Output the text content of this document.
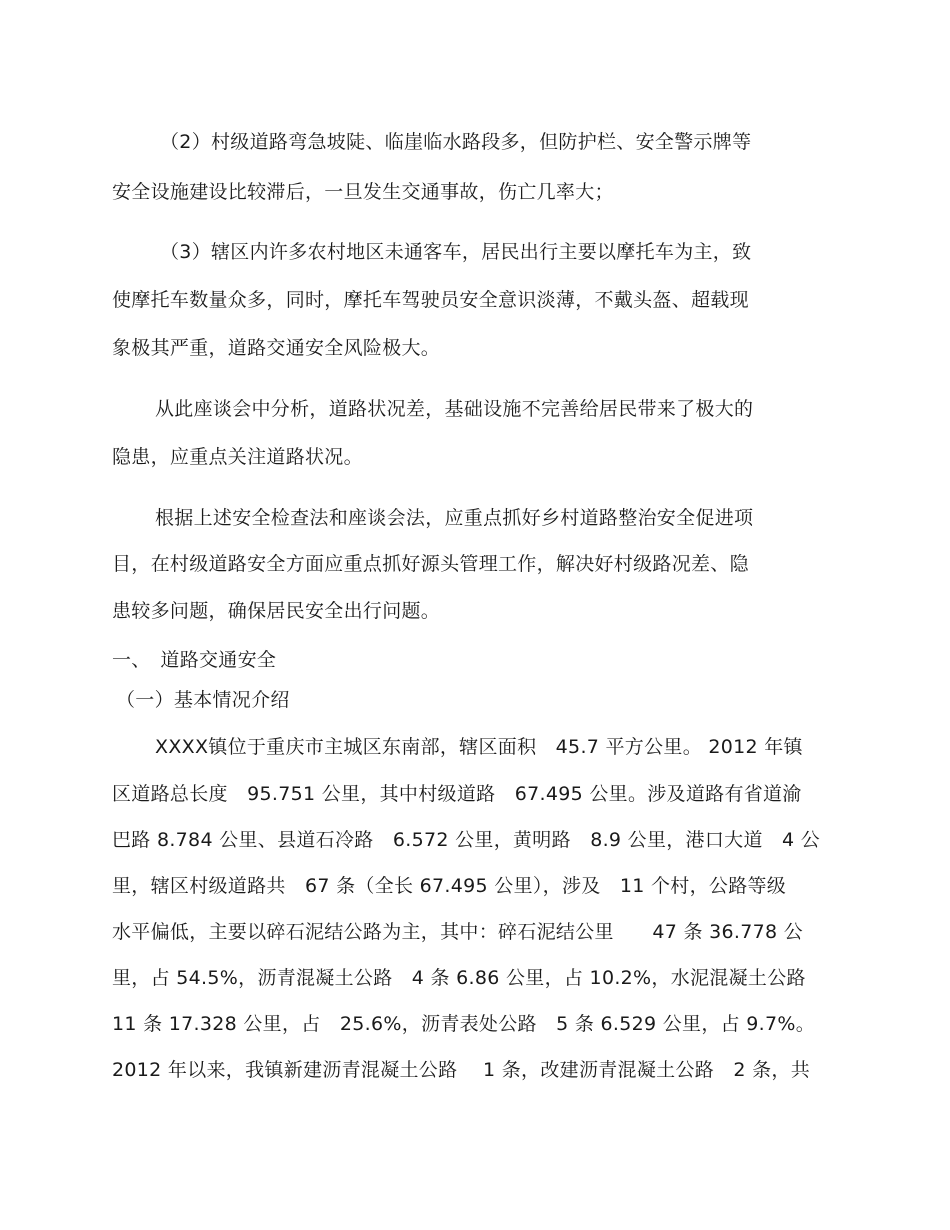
（2）村级道路弯急坡陡、临崖临水路段多，但防护栏、安全警示牌等
安全设施建设比较滞后，一旦发生交通事故，伤亡几率大；
（3）辖区内许多农村地区未通客车，居民出行主要以摩托车为主，致
使摩托车数量众多，同时，摩托车驾驶员安全意识淡薄，不戴头盔、超载现
象极其严重，道路交通安全风险极大。
从此座谈会中分析，道路状况差，基础设施不完善给居民带来了极大的
隐患，应重点关注道路状况。
根据上述安全检查法和座谈会法，应重点抓好乡村道路整治安全促进项
目，在村级道路安全方面应重点抓好源头管理工作，解决好村级路况差、隐
患较多问题，确保居民安全出行问题。
一、　道路交通安全
（一）基本情况介绍
XXXX镇位于重庆市主城区东南部，辖区面积　45.7 平方公里。 2012 年镇
区道路总长度　95.751 公里，其中村级道路　67.495 公里。涉及道路有省道渝
巴路 8.784 公里、县道石冷路　6.572 公里，黄明路　8.9 公里，港口大道　4 公
里，辖区村级道路共　67 条（全长 67.495 公里），涉及　11 个村，公路等级
水平偏低，主要以碎石泥结公路为主，其中：碎石泥结公里　　47 条 36.778 公
里，占 54.5%，沥青混凝土公路　4 条 6.86 公里，占 10.2%，水泥混凝土公路
11 条 17.328 公里，占　25.6%，沥青表处公路　5 条 6.529 公里，占 9.7%。
2012 年以来，我镇新建沥青混凝土公路　 1 条，改建沥青混凝土公路　2 条，共
